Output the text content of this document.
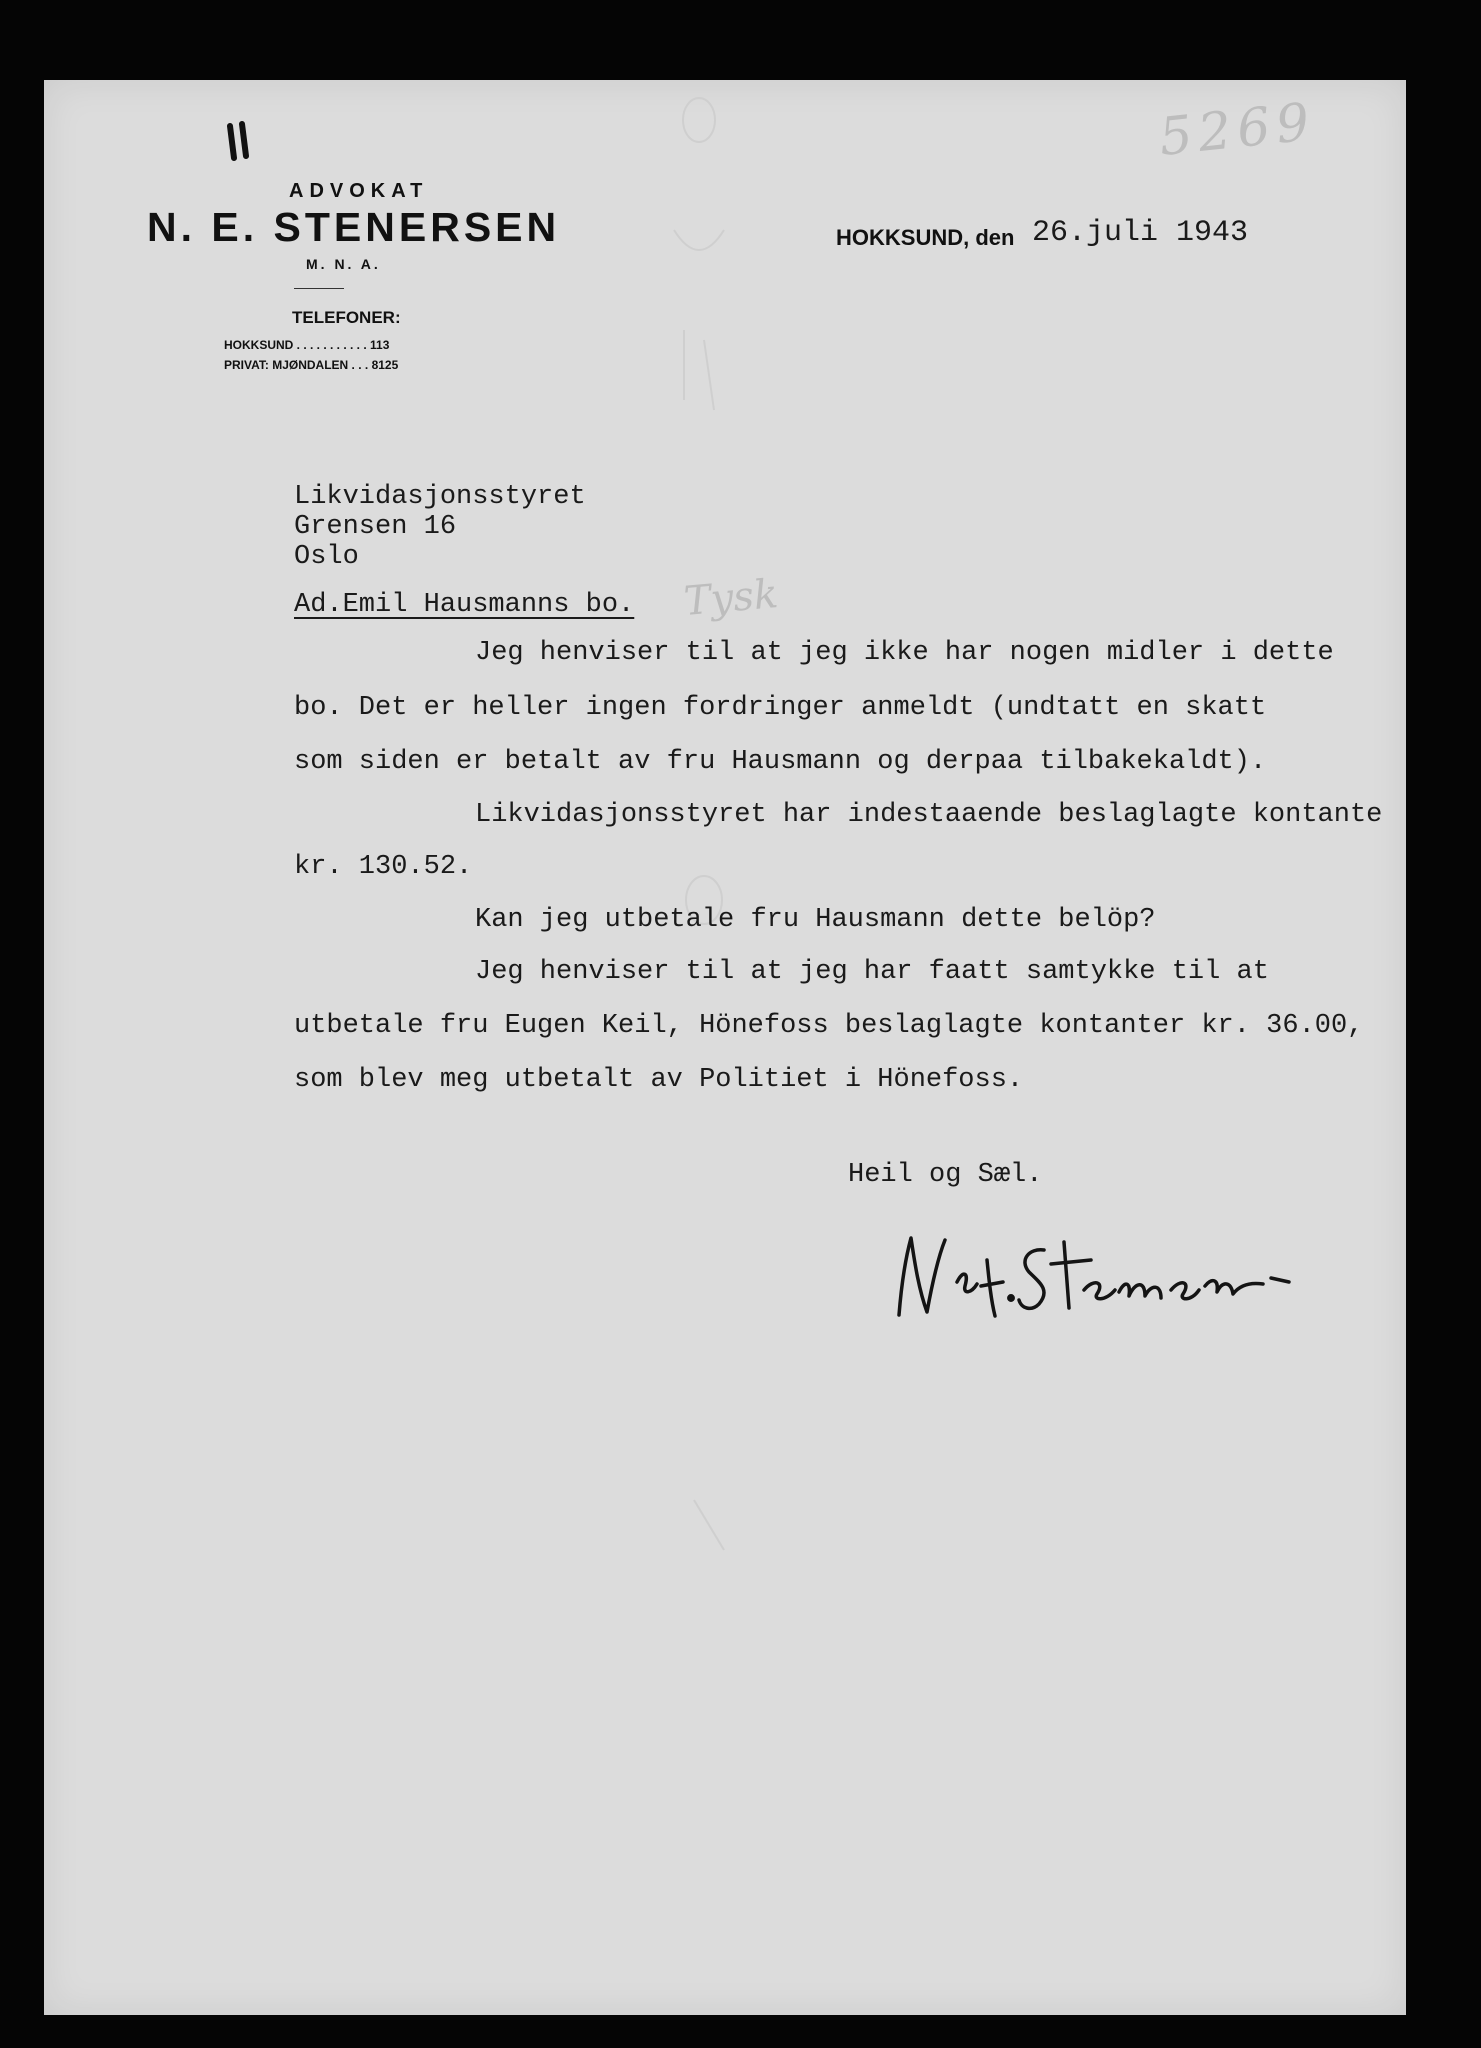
ADVOKAT
N. E. STENERSEN
M. N. A.
TELEFONER:
HOKKSUND . . . . . . . . . . . 113
PRIVAT: MJØNDALEN . . . 8125
HOKKSUND, den 26.juli 1943
5269
Likvidasjonsstyret
Grensen 16
Oslo
Ad.Emil Hausmanns bo. Tysk
Jeg henviser til at jeg ikke har nogen midler i dette
bo. Det er heller ingen fordringer anmeldt (undtatt en skatt
som siden er betalt av fru Hausmann og derpaa tilbakekaldt).
Likvidasjonsstyret har indestaaende beslaglagte kontante
kr. 130.52.
Kan jeg utbetale fru Hausmann dette belöp?
Jeg henviser til at jeg har faatt samtykke til at
utbetale fru Eugen Keil, Hönefoss beslaglagte kontanter kr. 36.00,
som blev meg utbetalt av Politiet i Hönefoss.
Heil og Sæl.
